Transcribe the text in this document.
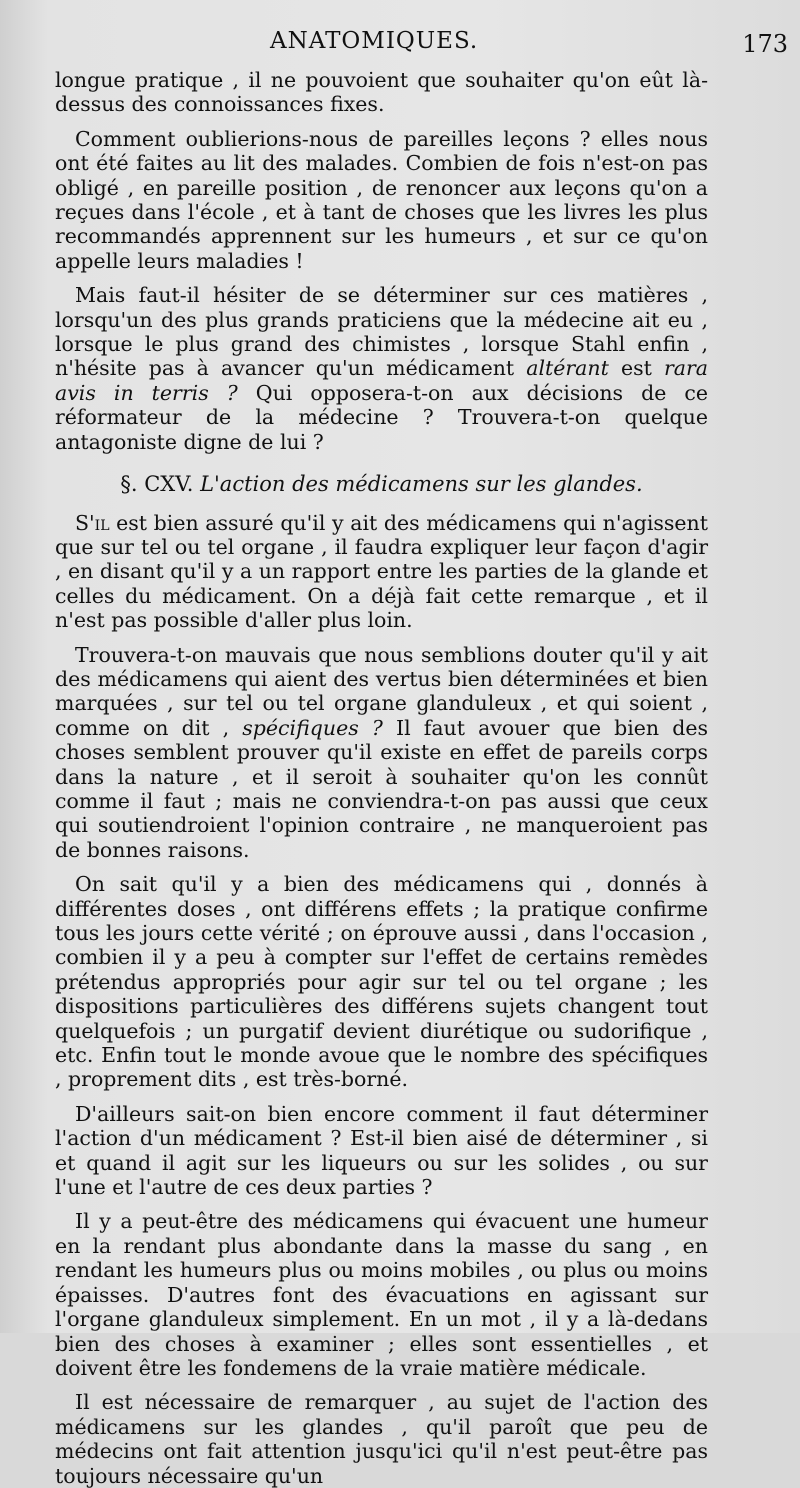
ANATOMIQUES.	173

longue pratique , il ne pouvoient que souhaiter qu'on eût là-dessus des connoissances fixes.

Comment oublierions-nous de pareilles leçons ? elles nous ont été faites au lit des malades. Combien de fois n'est-on pas obligé , en pareille position , de renoncer aux leçons qu'on a reçues dans l'école , et à tant de choses que les livres les plus recommandés apprennent sur les humeurs , et sur ce qu'on appelle leurs maladies !

Mais faut-il hésiter de se déterminer sur ces matières , lorsqu'un des plus grands praticiens que la médecine ait eu , lorsque le plus grand des chimistes , lorsque Stahl enfin , n'hésite pas à avancer qu'un médicament altérant est rara avis in terris ? Qui opposera-t-on aux décisions de ce réformateur de la médecine ? Trouvera-t-on quelque antagoniste digne de lui ?

§. CXV. L'action des médicamens sur les glandes.

S'il est bien assuré qu'il y ait des médicamens qui n'agissent que sur tel ou tel organe , il faudra expliquer leur façon d'agir , en disant qu'il y a un rapport entre les parties de la glande et celles du médicament. On a déjà fait cette remarque , et il n'est pas possible d'aller plus loin.

Trouvera-t-on mauvais que nous semblions douter qu'il y ait des médicamens qui aient des vertus bien déterminées et bien marquées , sur tel ou tel organe glanduleux , et qui soient , comme on dit , spécifiques ? Il faut avouer que bien des choses semblent prouver qu'il existe en effet de pareils corps dans la nature , et il seroit à souhaiter qu'on les connût comme il faut ; mais ne conviendra-t-on pas aussi que ceux qui soutiendroient l'opinion contraire , ne manqueroient pas de bonnes raisons.

On sait qu'il y a bien des médicamens qui , donnés à différentes doses , ont différens effets ; la pratique confirme tous les jours cette vérité ; on éprouve aussi , dans l'occasion , combien il y a peu à compter sur l'effet de certains remèdes prétendus appropriés pour agir sur tel ou tel organe ; les dispositions particulières des différens sujets changent tout quelquefois ; un purgatif devient diurétique ou sudorifique , etc. Enfin tout le monde avoue que le nombre des spécifiques , proprement dits , est très-borné.

D'ailleurs sait-on bien encore comment il faut déterminer l'action d'un médicament ? Est-il bien aisé de déterminer , si et quand il agit sur les liqueurs ou sur les solides , ou sur l'une et l'autre de ces deux parties ?

Il y a peut-être des médicamens qui évacuent une humeur en la rendant plus abondante dans la masse du sang , en rendant les humeurs plus ou moins mobiles , ou plus ou moins épaisses. D'autres font des évacuations en agissant sur l'organe glanduleux simplement. En un mot , il y a là-dedans bien des choses à examiner ; elles sont essentielles , et doivent être les fondemens de la vraie matière médicale.

Il est nécessaire de remarquer , au sujet de l'action des médicamens sur les glandes , qu'il paroît que peu de médecins ont fait attention jusqu'ici qu'il n'est peut-être pas toujours nécessaire qu'un
